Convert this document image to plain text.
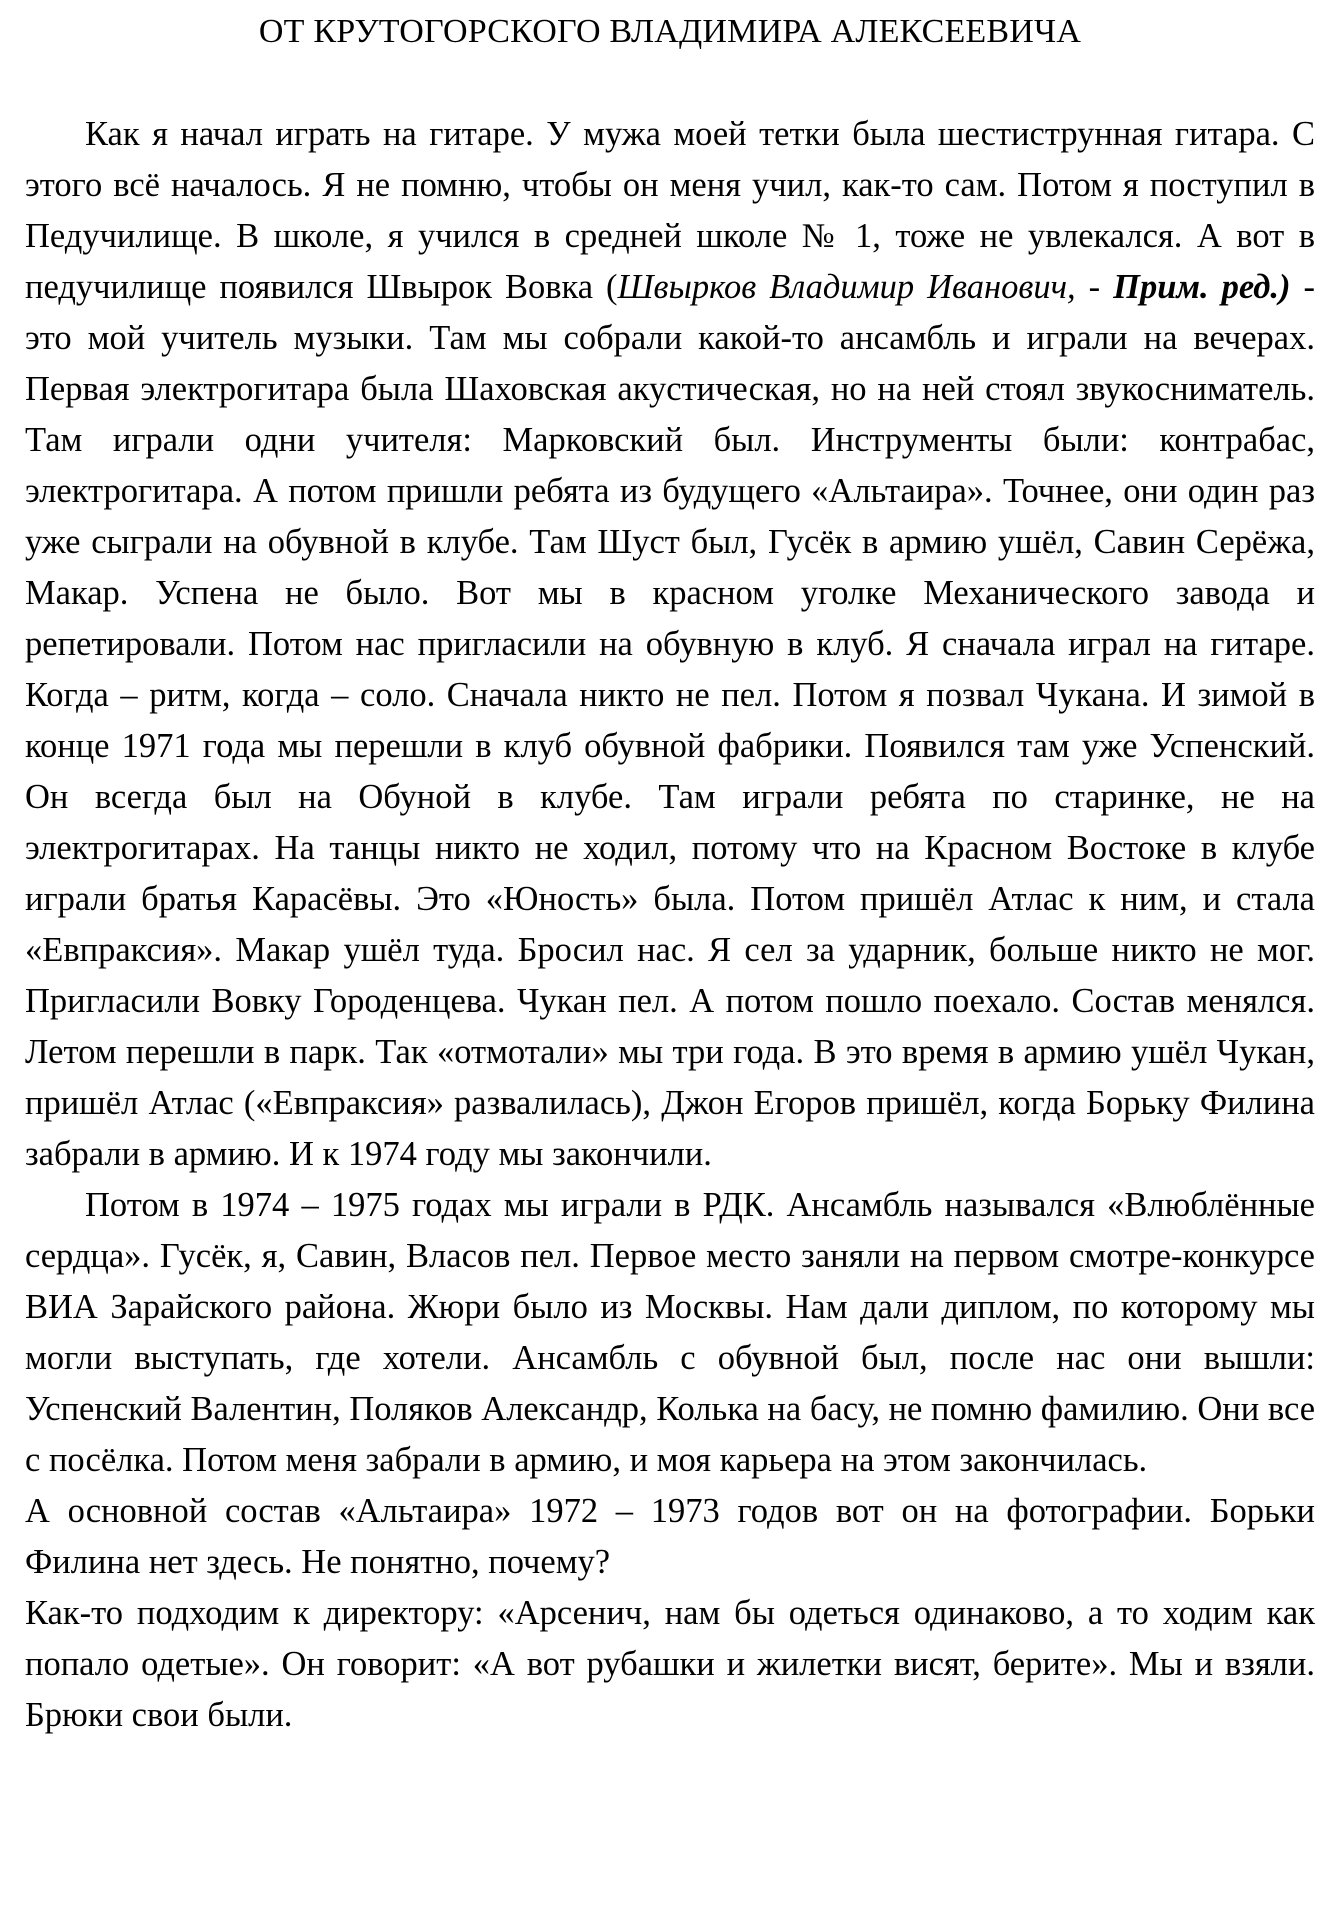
ОТ КРУТОГОРСКОГО ВЛАДИМИРА АЛЕКСЕЕВИЧА

Как я начал играть на гитаре. У мужа моей тетки была шестиструнная гитара. С этого всё началось. Я не помню, чтобы он меня учил, как-то сам. Потом я поступил в Педучилище. В школе, я учился в средней школе № 1, тоже не увлекался. А вот в педучилище появился Швырок Вовка (Швырков Владимир Иванович, - Прим. ред.) - это мой учитель музыки. Там мы собрали какой-то ансамбль и играли на вечерах. Первая электрогитара была Шаховская акустическая, но на ней стоял звукосниматель. Там играли одни учителя: Марковский был. Инструменты были: контрабас, электрогитара. А потом пришли ребята из будущего «Альтаира». Точнее, они один раз уже сыграли на обувной в клубе. Там Шуст был, Гусёк в армию ушёл, Савин Серёжа, Макар. Успена не было. Вот мы в красном уголке Механического завода и репетировали. Потом нас пригласили на обувную в клуб. Я сначала играл на гитаре. Когда – ритм, когда – соло. Сначала никто не пел. Потом я позвал Чукана. И зимой в конце 1971 года мы перешли в клуб обувной фабрики. Появился там уже Успенский. Он всегда был на Обуной в клубе. Там играли ребята по старинке, не на электрогитарах. На танцы никто не ходил, потому что на Красном Востоке в клубе играли братья Карасёвы. Это «Юность» была. Потом пришёл Атлас к ним, и стала «Евпраксия». Макар ушёл туда. Бросил нас. Я сел за ударник, больше никто не мог. Пригласили Вовку Городенцева. Чукан пел. А потом пошло поехало. Состав менялся. Летом перешли в парк. Так «отмотали» мы три года. В это время в армию ушёл Чукан, пришёл Атлас («Евпраксия» развалилась), Джон Егоров пришёл, когда Борьку Филина забрали в армию. И к 1974 году мы закончили.

Потом в 1974 – 1975 годах мы играли в РДК. Ансамбль назывался «Влюблённые сердца». Гусёк, я, Савин, Власов пел. Первое место заняли на первом смотре-конкурсе ВИА Зарайского района. Жюри было из Москвы. Нам дали диплом, по которому мы могли выступать, где хотели. Ансамбль с обувной был, после нас они вышли: Успенский Валентин, Поляков Александр, Колька на басу, не помню фамилию. Они все с посёлка. Потом меня забрали в армию, и моя карьера на этом закончилась.

А основной состав «Альтаира» 1972 – 1973 годов вот он на фотографии. Борьки Филина нет здесь. Не понятно, почему?

Как-то подходим к директору: «Арсенич, нам бы одеться одинаково, а то ходим как попало одетые». Он говорит: «А вот рубашки и жилетки висят, берите». Мы и взяли. Брюки свои были.
